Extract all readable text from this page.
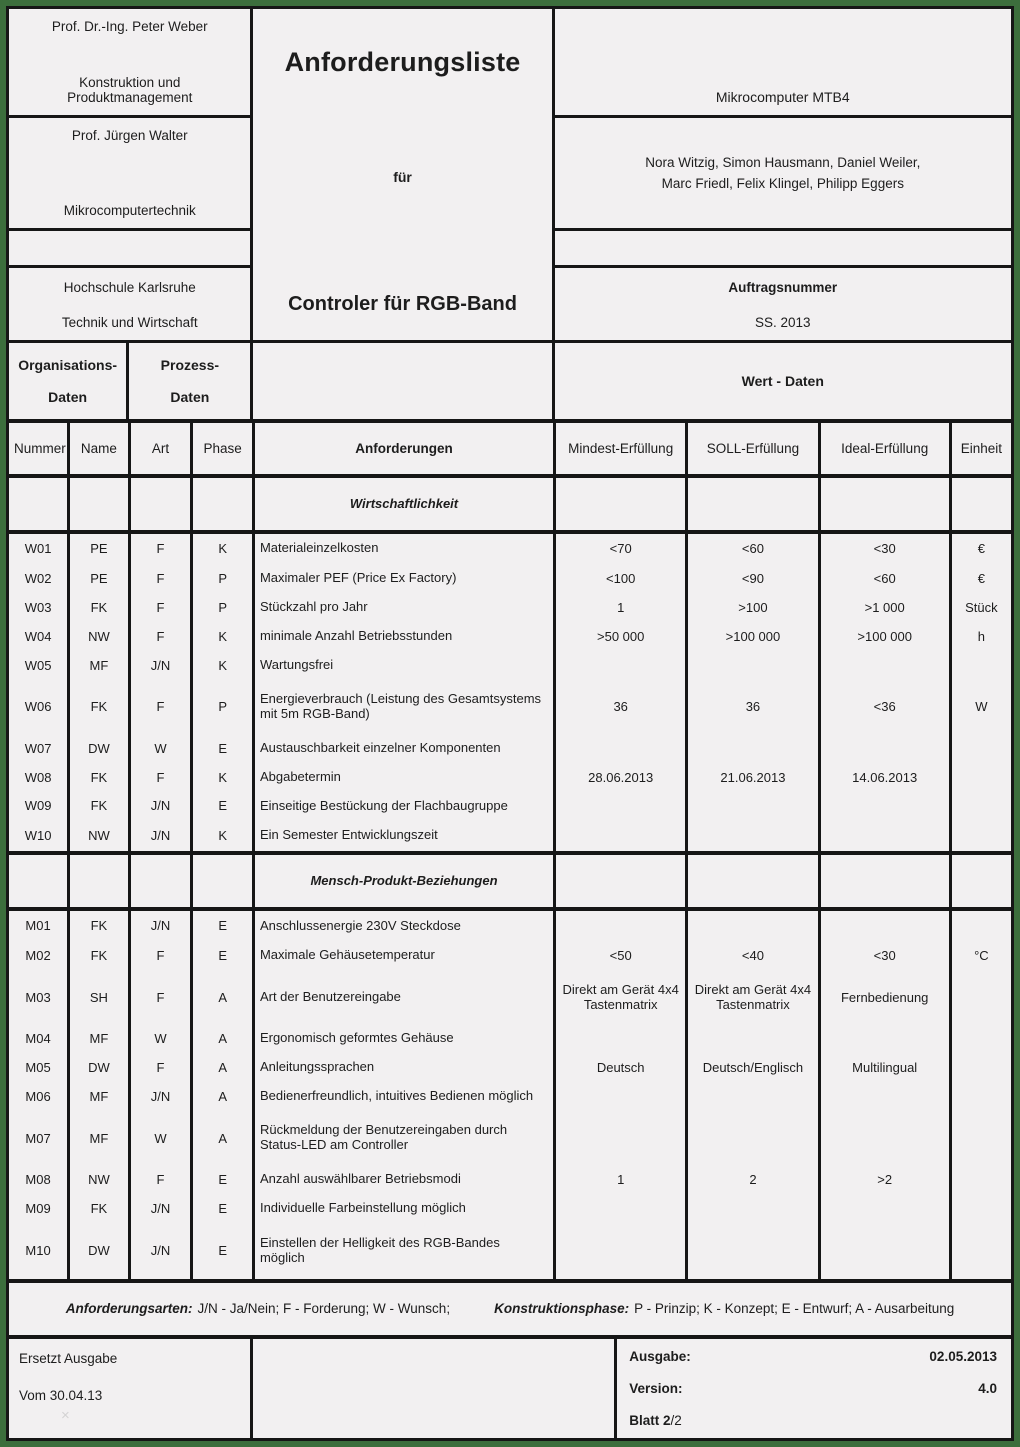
Prof. Dr.-Ing. Peter Weber
Konstruktion und Produktmanagement
Prof. Jürgen Walter
Mikrocomputertechnik
Hochschule Karlsruhe
Technik und Wirtschaft
Anforderungsliste
für
Controler für RGB-Band
Mikrocomputer MTB4
Nora Witzig, Simon Hausmann, Daniel Weiler,
Marc Friedl, Felix Klingel, Philipp Eggers
Auftragsnummer
SS. 2013
Organisations-
Daten
Prozess-
Daten
Wert - Daten
Nummer	Name	Art	Phase	Anforderungen	Mindest-Erfüllung	SOLL-Erfüllung	Ideal-Erfüllung	Einheit
				Wirtschaftlichkeit				
W01	PE	F	K	Materialeinzelkosten	<70	<60	<30	€
W02	PE	F	P	Maximaler PEF (Price Ex Factory)	<100	<90	<60	€
W03	FK	F	P	Stückzahl pro Jahr	1	>100	>1 000	Stück
W04	NW	F	K	minimale Anzahl Betriebsstunden	>50 000	>100 000	>100 000	h
W05	MF	J/N	K	Wartungsfrei				
W06	FK	F	P	Energieverbrauch (Leistung des Gesamtsystems mit 5m RGB-Band)	36	36	<36	W
W07	DW	W	E	Austauschbarkeit einzelner Komponenten				
W08	FK	F	K	Abgabetermin	28.06.2013	21.06.2013	14.06.2013	
W09	FK	J/N	E	Einseitige Bestückung der Flachbaugruppe				
W10	NW	J/N	K	Ein Semester Entwicklungszeit				
				Mensch-Produkt-Beziehungen				
M01	FK	J/N	E	Anschlussenergie 230V Steckdose				
M02	FK	F	E	Maximale Gehäusetemperatur	<50	<40	<30	°C
M03	SH	F	A	Art der Benutzereingabe	Direkt am Gerät 4x4 Tastenmatrix	Direkt am Gerät 4x4 Tastenmatrix	Fernbedienung	
M04	MF	W	A	Ergonomisch geformtes Gehäuse				
M05	DW	F	A	Anleitungssprachen	Deutsch	Deutsch/Englisch	Multilingual	
M06	MF	J/N	A	Bedienerfreundlich, intuitives Bedienen möglich				
M07	MF	W	A	Rückmeldung der Benutzereingaben durch Status-LED am Controller				
M08	NW	F	E	Anzahl auswählbarer Betriebsmodi	1	2	>2	
M09	FK	J/N	E	Individuelle Farbeinstellung möglich				
M10	DW	J/N	E	Einstellen der Helligkeit des RGB-Bandes möglich				

Anforderungsarten: J/N - Ja/Nein; F - Forderung; W - Wunsch; Konstruktionsphase: P - Prinzip; K - Konzept; E - Entwurf; A - Ausarbeitung								
Ersetzt Ausgabe
Vom 30.04.13
×
Ausgabe:	02.05.2013
Version:	4.0
Blatt 2/2
